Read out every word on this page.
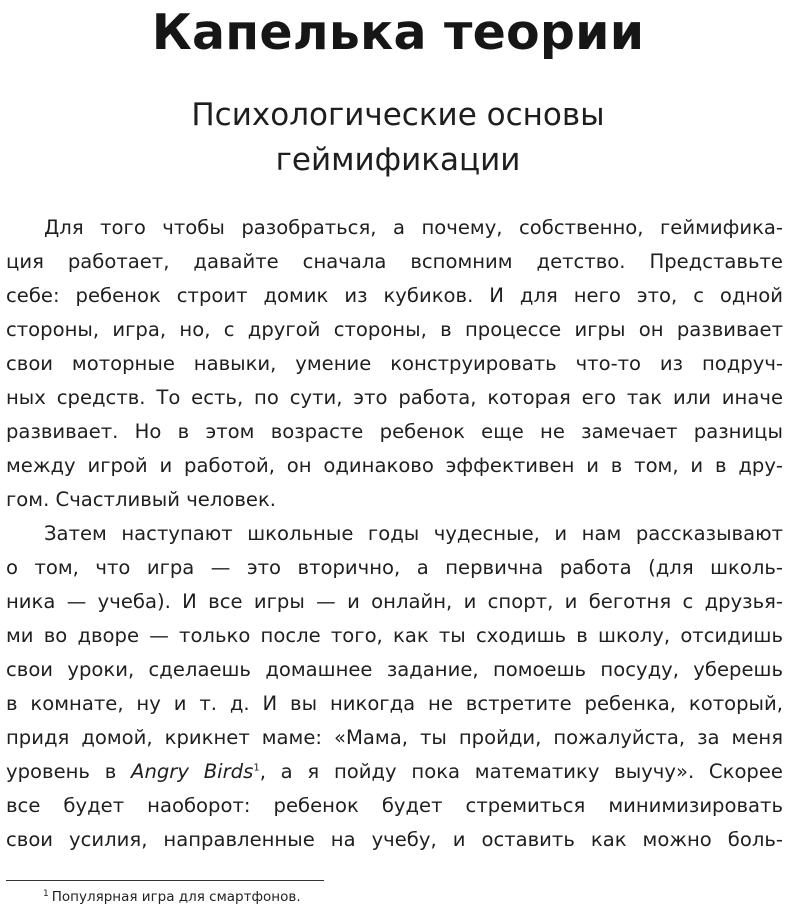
Капелька теории
Психологические основы
геймификации
Для того чтобы разобраться, а почему, собственно, геймифика-
ция работает, давайте сначала вспомним детство. Представьте
себе: ребенок строит домик из кубиков. И для него это, с одной
стороны, игра, но, с другой стороны, в процессе игры он развивает
свои моторные навыки, умение конструировать что-то из подруч-
ных средств. То есть, по сути, это работа, которая его так или иначе
развивает. Но в этом возрасте ребенок еще не замечает разницы
между игрой и работой, он одинаково эффективен и в том, и в дру-
гом. Счастливый человек.
Затем наступают школьные годы чудесные, и нам рассказывают
о том, что игра — это вторично, а первична работа (для школь-
ника — учеба). И все игры — и онлайн, и спорт, и беготня с друзья-
ми во дворе — только после того, как ты сходишь в школу, отсидишь
свои уроки, сделаешь домашнее задание, помоешь посуду, уберешь
в комнате, ну и т. д. И вы никогда не встретите ребенка, который,
придя домой, крикнет маме: «Мама, ты пройди, пожалуйста, за меня
уровень в Angry Birds$^1$, а я пойду пока математику выучу». Скорее
все будет наоборот: ребенок будет стремиться минимизировать
свои усилия, направленные на учебу, и оставить как можно боль-
$^1$ Популярная игра для смартфонов.
